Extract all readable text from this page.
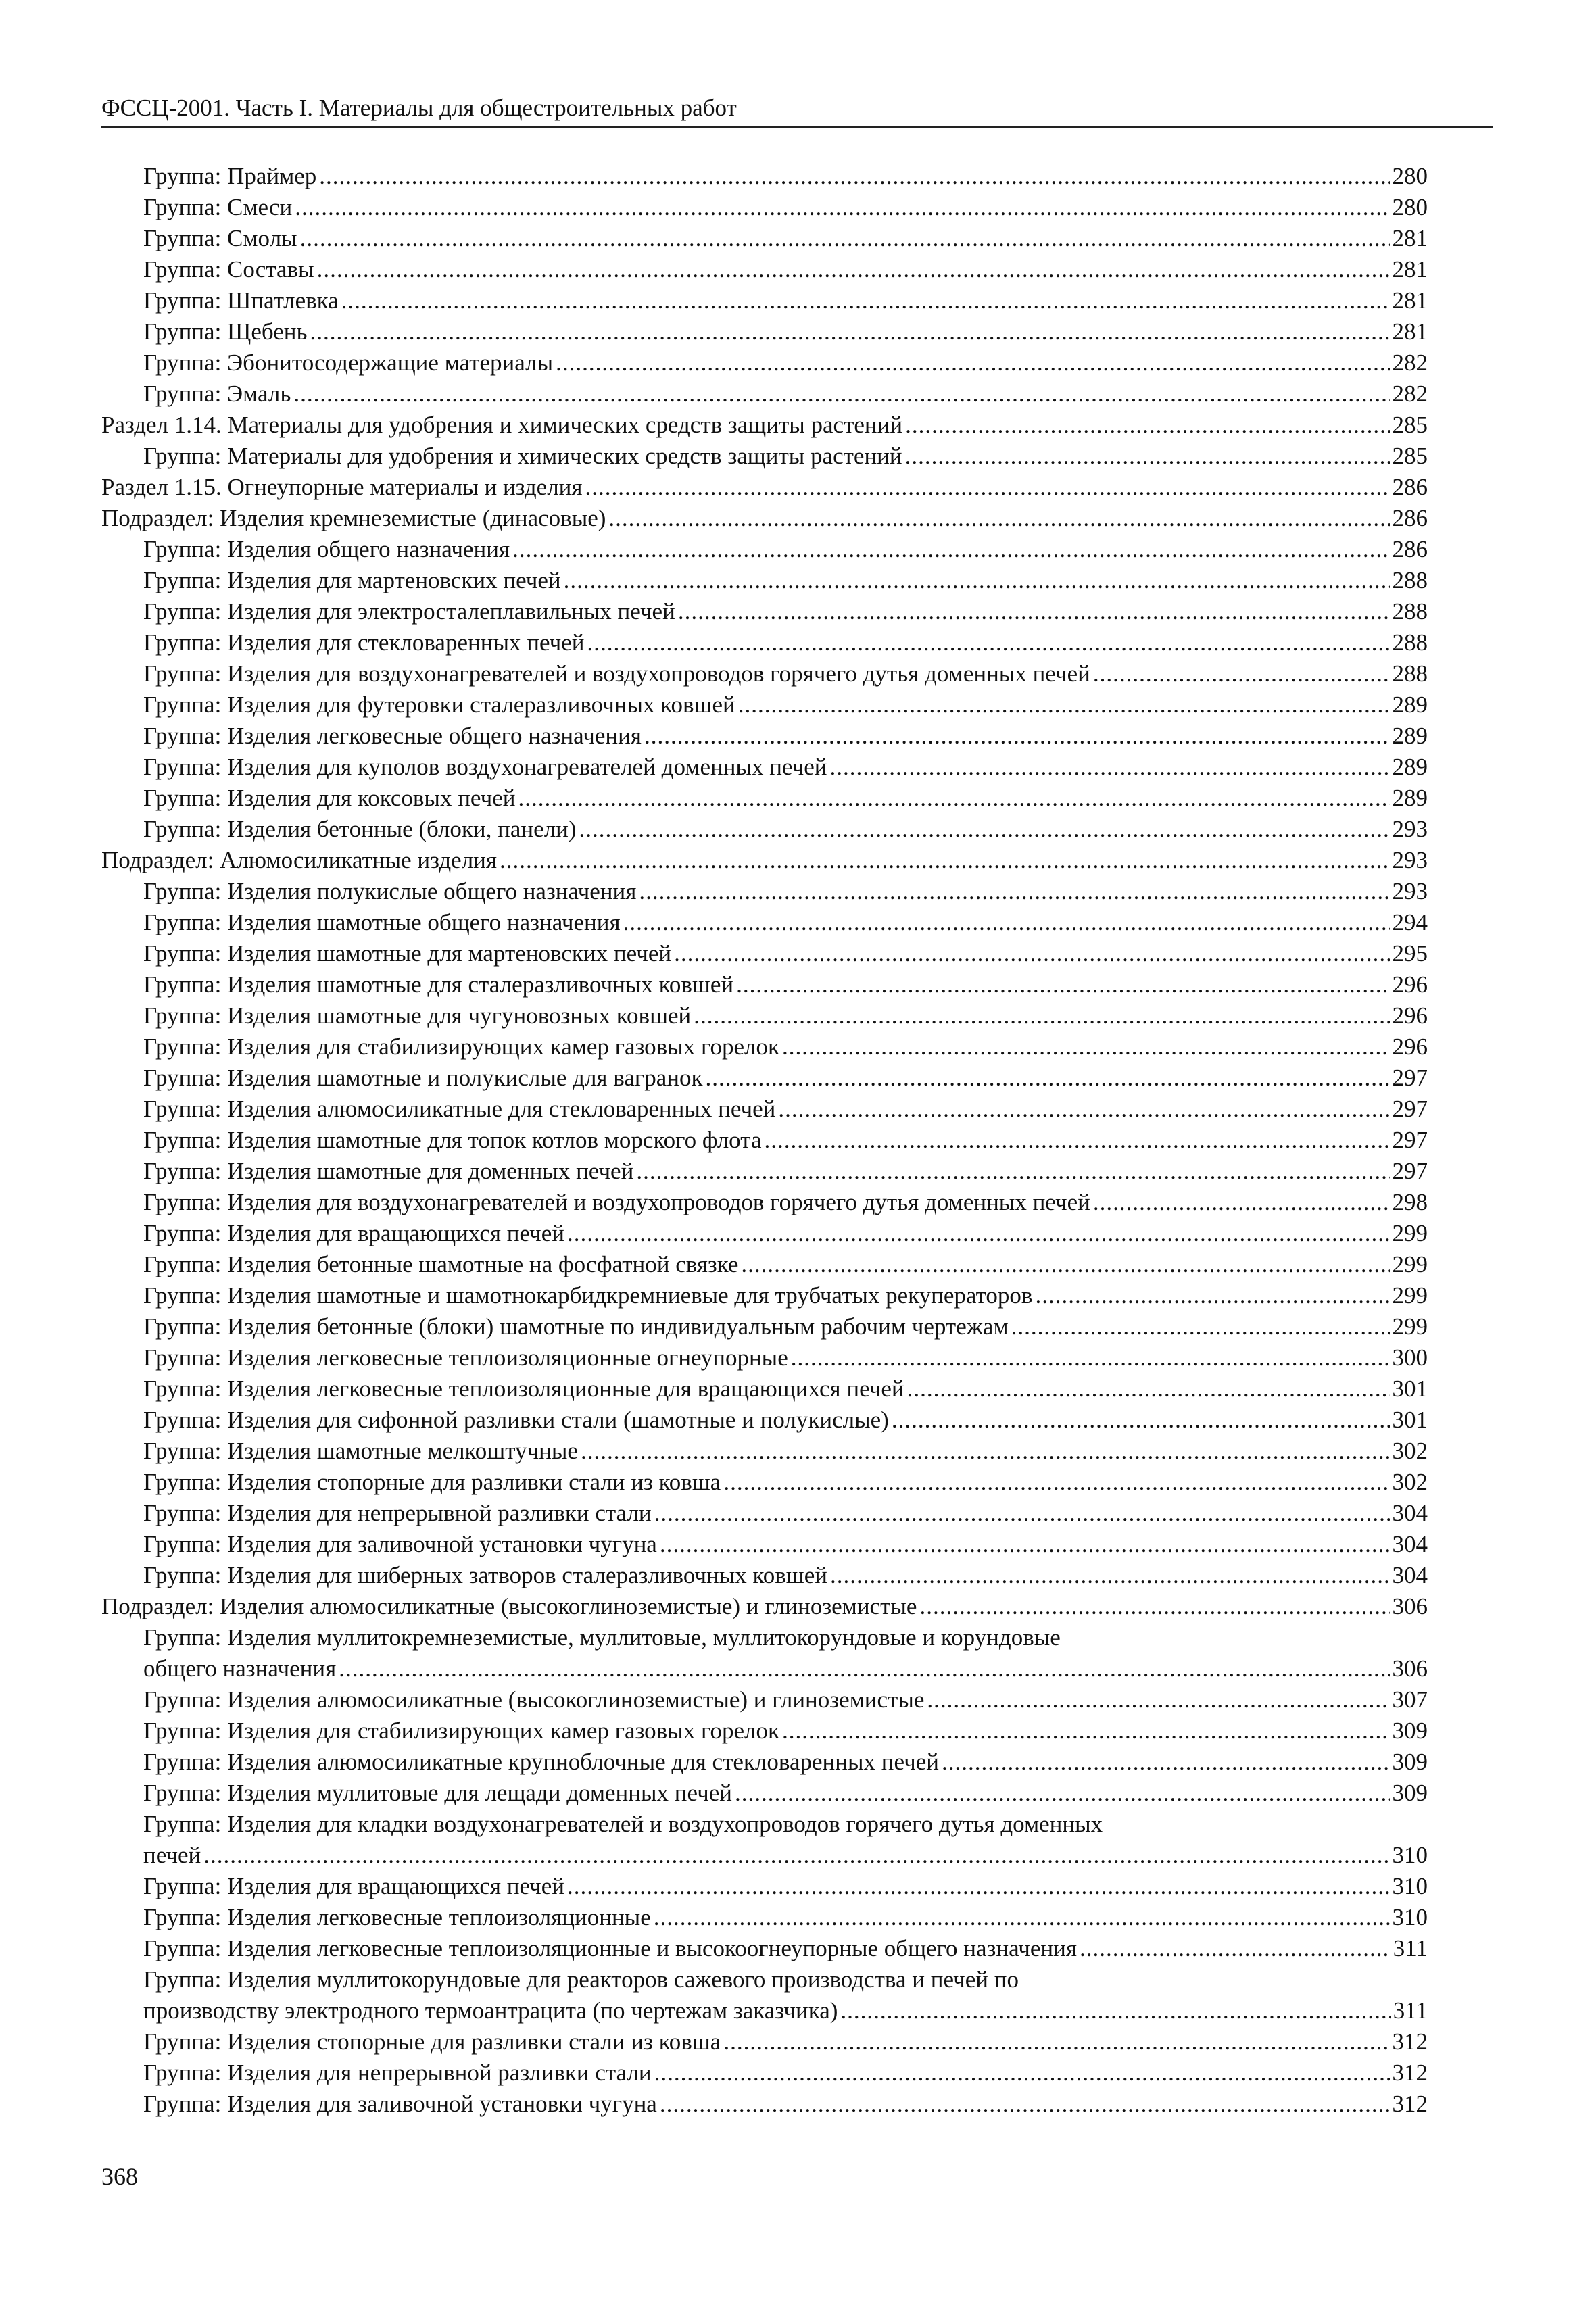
ФССЦ-2001. Часть I. Материалы для общестроительных работ
Группа: Праймер .....	280
Группа: Смеси .....	280
Группа: Смолы .....	281
Группа: Составы .....	281
Группа: Шпатлевка .....	281
Группа: Щебень .....	281
Группа: Эбонитосодержащие материалы .....	282
Группа: Эмаль .....	282
Раздел 1.14. Материалы для удобрения и химических средств защиты растений .....	285
Группа: Материалы для удобрения и химических средств защиты растений .....	285
Раздел 1.15. Огнеупорные материалы и изделия .....	286
Подраздел: Изделия кремнеземистые (динасовые) .....	286
Группа: Изделия общего назначения .....	286
Группа: Изделия для мартеновских печей .....	288
Группа: Изделия для электросталеплавильных печей .....	288
Группа: Изделия для стекловаренных печей .....	288
Группа: Изделия для воздухонагревателей и воздухопроводов горячего дутья доменных печей .....	288
Группа: Изделия для футеровки сталеразливочных ковшей .....	289
Группа: Изделия легковесные общего назначения .....	289
Группа: Изделия для куполов воздухонагревателей доменных печей .....	289
Группа: Изделия для коксовых печей .....	289
Группа: Изделия бетонные (блоки, панели) .....	293
Подраздел: Алюмосиликатные изделия .....	293
Группа: Изделия полукислые общего назначения .....	293
Группа: Изделия шамотные общего назначения .....	294
Группа: Изделия шамотные для мартеновских печей .....	295
Группа: Изделия шамотные для сталеразливочных ковшей .....	296
Группа: Изделия шамотные для чугуновозных ковшей .....	296
Группа: Изделия для стабилизирующих камер газовых горелок .....	296
Группа: Изделия шамотные и полукислые для вагранок .....	297
Группа: Изделия алюмосиликатные для стекловаренных печей .....	297
Группа: Изделия шамотные для топок котлов морского флота .....	297
Группа: Изделия шамотные для доменных печей .....	297
Группа: Изделия для воздухонагревателей и воздухопроводов горячего дутья доменных печей .....	298
Группа: Изделия для вращающихся печей .....	299
Группа: Изделия бетонные шамотные на фосфатной связке .....	299
Группа: Изделия шамотные и шамотнокарбидкремниевые для трубчатых рекуператоров .....	299
Группа: Изделия бетонные (блоки) шамотные по индивидуальным рабочим чертежам .....	299
Группа: Изделия легковесные теплоизоляционные огнеупорные .....	300
Группа: Изделия легковесные теплоизоляционные для вращающихся печей .....	301
Группа: Изделия для сифонной разливки стали (шамотные и полукислые) .....	301
Группа: Изделия шамотные мелкоштучные .....	302
Группа: Изделия стопорные для разливки стали из ковша .....	302
Группа: Изделия для непрерывной разливки стали .....	304
Группа: Изделия для заливочной установки чугуна .....	304
Группа: Изделия для шиберных затворов сталеразливочных ковшей .....	304
Подраздел: Изделия алюмосиликатные (высокоглиноземистые) и глиноземистые .....	306
Группа: Изделия муллитокремнеземистые, муллитовые, муллитокорундовые и корундовые
общего назначения .....	306
Группа: Изделия алюмосиликатные (высокоглиноземистые) и глиноземистые .....	307
Группа: Изделия для стабилизирующих камер газовых горелок .....	309
Группа: Изделия алюмосиликатные крупноблочные для стекловаренных печей .....	309
Группа: Изделия муллитовые для лещади доменных печей .....	309
Группа: Изделия для кладки воздухонагревателей и воздухопроводов горячего дутья доменных
печей .....	310
Группа: Изделия для вращающихся печей .....	310
Группа: Изделия легковесные теплоизоляционные .....	310
Группа: Изделия легковесные теплоизоляционные и высокоогнеупорные общего назначения .....	311
Группа: Изделия муллитокорундовые для реакторов сажевого производства и печей по
производству электродного термоантрацита (по чертежам заказчика) .....	311
Группа: Изделия стопорные для разливки стали из ковша .....	312
Группа: Изделия для непрерывной разливки стали .....	312
Группа: Изделия для заливочной установки чугуна .....	312
368
